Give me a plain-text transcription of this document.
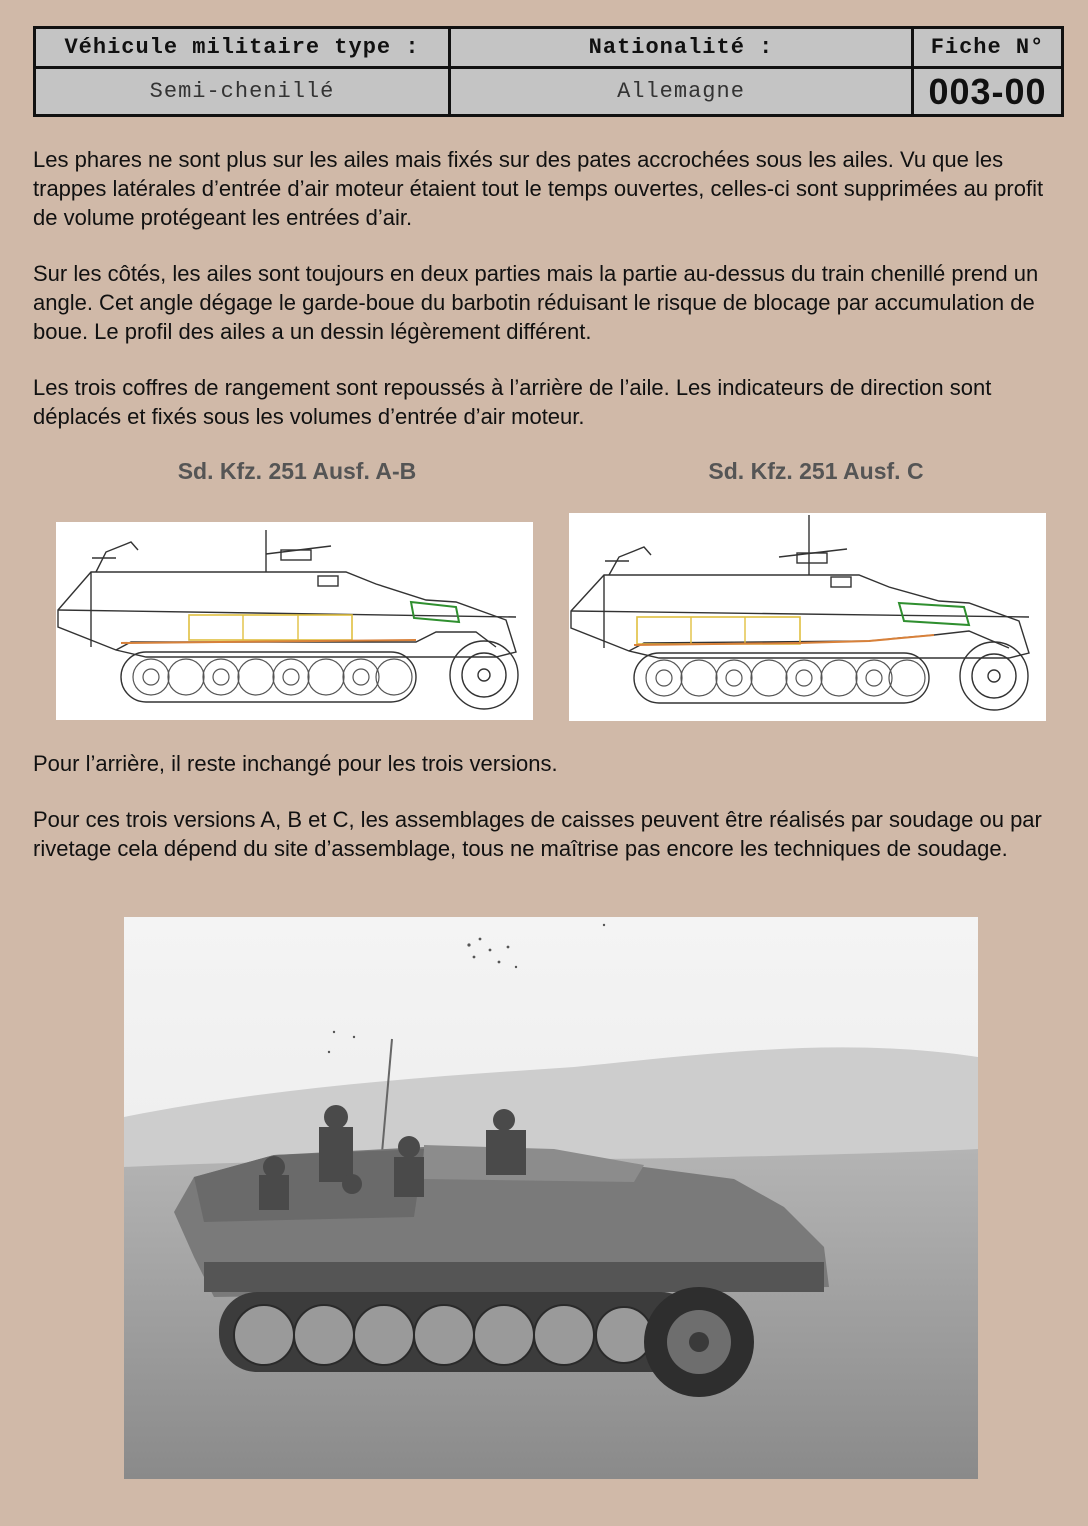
Véhicule militaire type :	Nationalité :	Fiche N°
Semi-chenillé	Allemagne	003-00

Les phares ne sont plus sur les ailes mais fixés sur des pates accrochées sous les ailes. Vu que les trappes latérales d’entrée d’air moteur étaient tout le temps ouvertes, celles-ci sont supprimées au profit de volume protégeant les entrées d’air.

Sur les côtés, les ailes sont toujours en deux parties mais la partie au-dessus du train chenillé prend un angle. Cet angle dégage le garde-boue du barbotin réduisant le risque de blocage par accumulation de boue. Le profil des ailes a un dessin légèrement différent.

Les trois coffres de rangement sont repoussés à l’arrière de l’aile. Les indicateurs de direction sont déplacés et fixés sous les volumes d’entrée d’air moteur.

Sd. Kfz. 251 Ausf. A-B	Sd. Kfz. 251 Ausf. C

Pour l’arrière, il reste inchangé pour les trois versions.

Pour ces trois versions A, B et C, les assemblages de caisses peuvent être réalisés par soudage ou par rivetage cela dépend du site d’assemblage, tous ne maîtrise pas encore les techniques de soudage.
